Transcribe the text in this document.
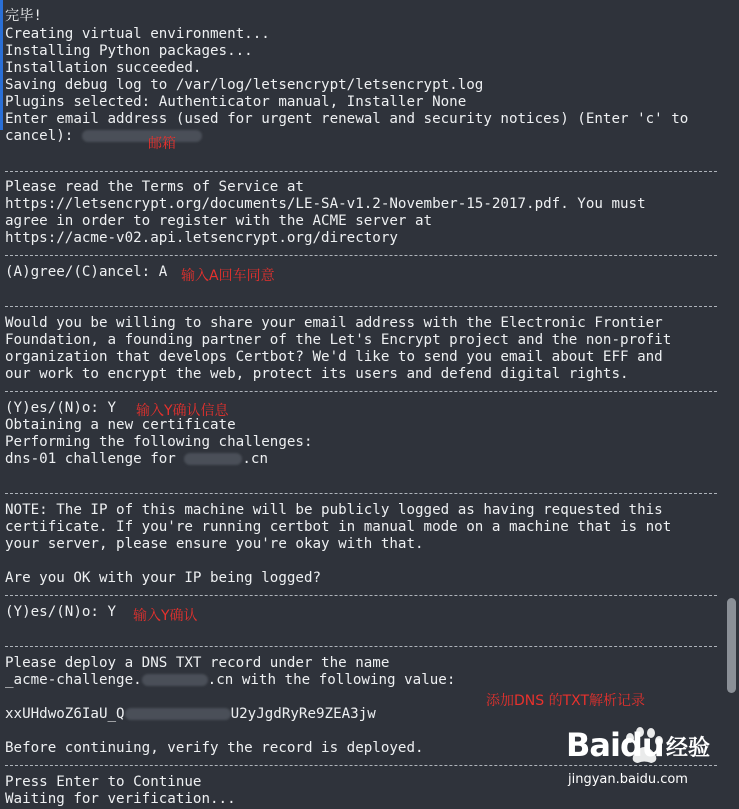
完毕!
Creating virtual environment...
Installing Python packages...
Installation succeeded.
Saving debug log to /var/log/letsencrypt/letsencrypt.log
Plugins selected: Authenticator manual, Installer None
Enter email address (used for urgent renewal and security notices) (Enter 'c' to
cancel):	邮箱
Please read the Terms of Service at
https://letsencrypt.org/documents/LE-SA-v1.2-November-15-2017.pdf. You must
agree in order to register with the ACME server at
https://acme-v02.api.letsencrypt.org/directory
(A)gree/(C)ancel: A 输入A回车同意
Would you be willing to share your email address with the Electronic Frontier
Foundation, a founding partner of the Let's Encrypt project and the non-profit
organization that develops Certbot? We'd like to send you email about EFF and
our work to encrypt the web, protect its users and defend digital rights.
(Y)es/(N)o: Y 输入Y确认信息
Obtaining a new certificate
Performing the following challenges:
dns-01 challenge for	.cn
NOTE: The IP of this machine will be publicly logged as having requested this
certificate. If you're running certbot in manual mode on a machine that is not
your server, please ensure you're okay with that.
Are you OK with your IP being logged?
(Y)es/(N)o: Y 输入Y确认
Please deploy a DNS TXT record under the name
_acme-challenge.	.cn with the following value:
添加DNS 的TXT解析记录
xxUHdwoZ6IaU_Q	U2yJgdRyRe9ZEA3jw
Before continuing, verify the record is deployed.
Press Enter to Continue
Waiting for verification...
Baidu 经验
jingyan.baidu.com
